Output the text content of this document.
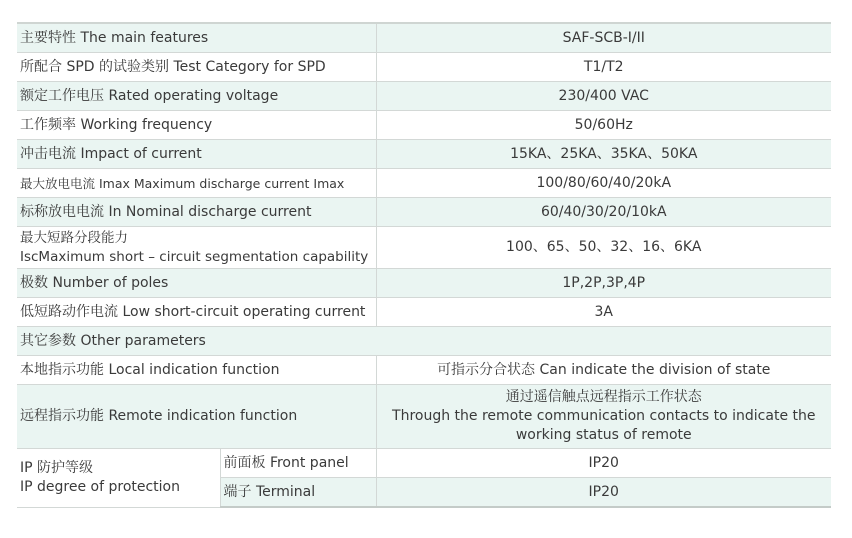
主要特性 The main features		SAF-SCB-I/II
所配合 SPD 的试验类别 Test Category for SPD		T1/T2
额定工作电压 Rated operating voltage		230/400 VAC
工作频率 Working frequency		50/60Hz
冲击电流 Impact of current		15KA、25KA、35KA、50KA
最大放电电流 Imax Maximum discharge current Imax		100/80/60/40/20kA
标称放电电流 In Nominal discharge current		60/40/30/20/10kA

最大短路分段能力
IscMaximum short – circuit segmentation capability		100、65、50、32、16、6KA
极数 Number of poles		1P,2P,3P,4P
低短路动作电流 Low short-circuit operating current		3A
其它参数 Other parameters		
本地指示功能 Local indication function		可指示分合状态 Can indicate the division of state
远程指示功能 Remote indication function		通过遥信触点远程指示工作状态
Through the remote communication contacts to indicate the
working status of remote

IP 防护等级
IP degree of protection	前面板 Front panel	IP20
	端子 Terminal	IP20
